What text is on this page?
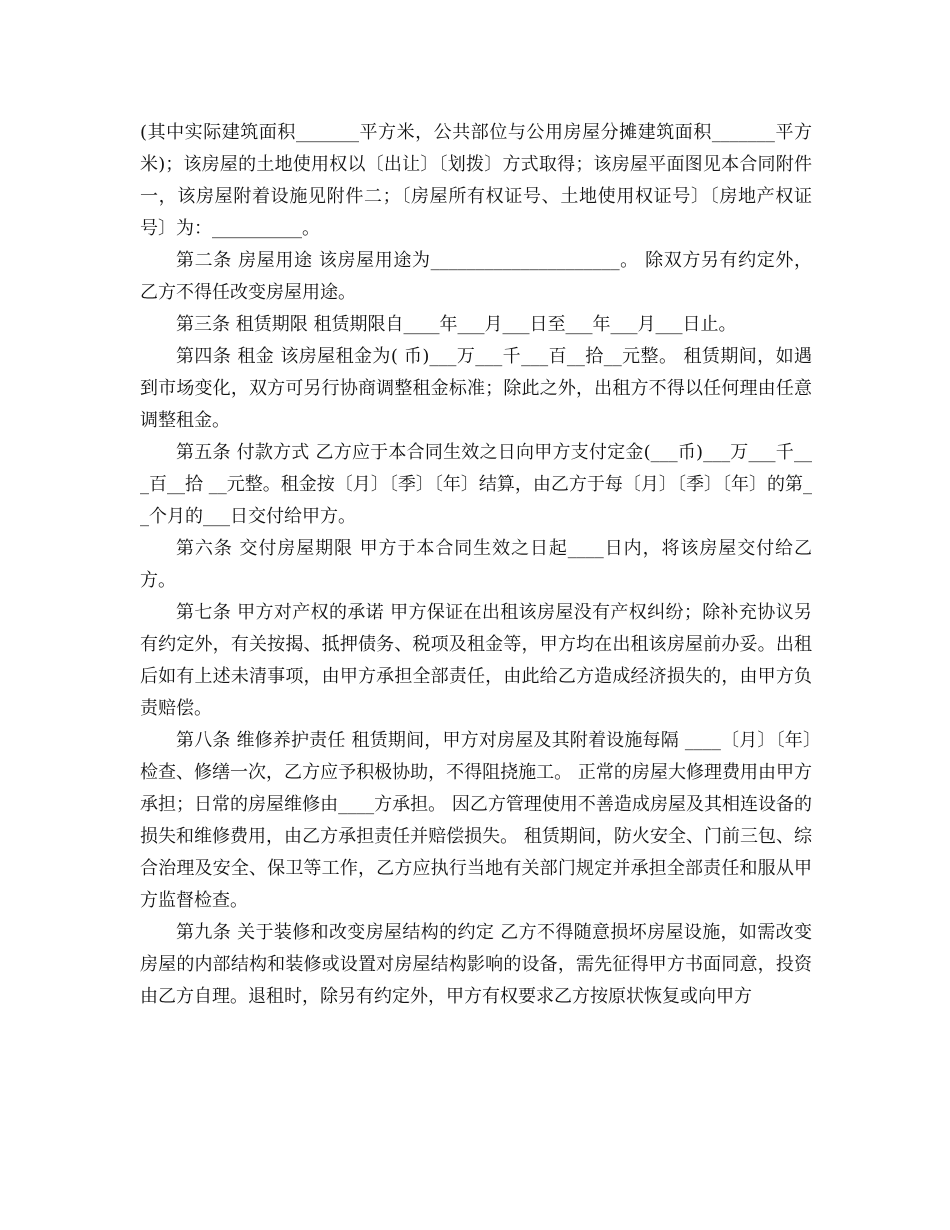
(其中实际建筑面积_______平方米，公共部位与公用房屋分摊建筑面积_______平方米)；该房屋的土地使用权以〔出让〕〔划拨〕方式取得；该房屋平面图见本合同附件一，该房屋附着设施见附件二；〔房屋所有权证号、土地使用权证号〕〔房地产权证号〕为：__________。

第二条 房屋用途 该房屋用途为_____________________。 除双方另有约定外，乙方不得任改变房屋用途。

第三条 租赁期限 租赁期限自____年___月___日至___年___月___日止。

第四条 租金 该房屋租金为( 币)___万___千___百__拾__元整。 租赁期间，如遇到市场变化，双方可另行协商调整租金标准；除此之外，出租方不得以任何理由任意调整租金。

第五条 付款方式 乙方应于本合同生效之日向甲方支付定金(___币)___万___千___百__拾 __元整。租金按〔月〕〔季〕〔年〕结算，由乙方于每〔月〕〔季〕〔年〕的第__个月的___日交付给甲方。

第六条 交付房屋期限 甲方于本合同生效之日起____日内，将该房屋交付给乙方。

第七条 甲方对产权的承诺 甲方保证在出租该房屋没有产权纠纷；除补充协议另有约定外，有关按揭、抵押债务、税项及租金等，甲方均在出租该房屋前办妥。出租后如有上述未清事项，由甲方承担全部责任，由此给乙方造成经济损失的，由甲方负责赔偿。

第八条 维修养护责任 租赁期间，甲方对房屋及其附着设施每隔 ____〔月〕〔年〕检查、修缮一次，乙方应予积极协助，不得阻挠施工。 正常的房屋大修理费用由甲方承担；日常的房屋维修由____方承担。 因乙方管理使用不善造成房屋及其相连设备的损失和维修费用，由乙方承担责任并赔偿损失。 租赁期间，防火安全、门前三包、综合治理及安全、保卫等工作，乙方应执行当地有关部门规定并承担全部责任和服从甲方监督检查。

第九条 关于装修和改变房屋结构的约定 乙方不得随意损坏房屋设施，如需改变房屋的内部结构和装修或设置对房屋结构影响的设备，需先征得甲方书面同意，投资由乙方自理。退租时，除另有约定外，甲方有权要求乙方按原状恢复或向甲方
